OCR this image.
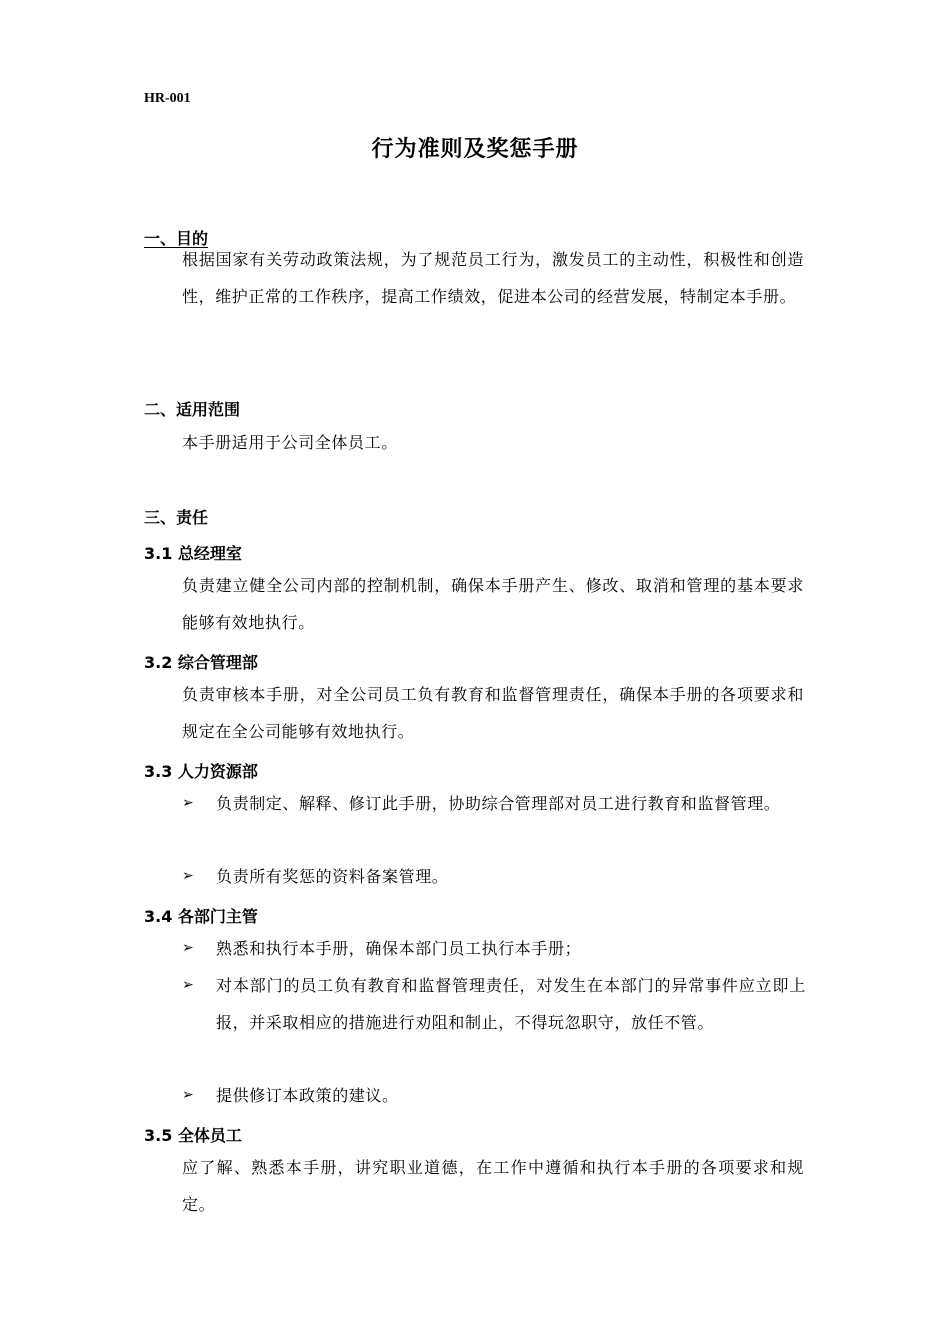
HR-001
行为准则及奖惩手册
一、目的

根据国家有关劳动政策法规，为了规范员工行为，激发员工的主动性，积极性和创造性，维护正常的工作秩序，提高工作绩效，促进本公司的经营发展，特制定本手册。

二、适用范围

本手册适用于公司全体员工。

三、责任
3.1 总经理室

负责建立健全公司内部的控制机制，确保本手册产生、修改、取消和管理的基本要求能够有效地执行。

3.2 综合管理部

负责审核本手册，对全公司员工负有教育和监督管理责任，确保本手册的各项要求和规定在全公司能够有效地执行。

3.3 人力资源部
➢	负责制定、解释、修订此手册，协助综合管理部对员工进行教育和监督管理。
➢	负责所有奖惩的资料备案管理。
3.4 各部门主管
➢	熟悉和执行本手册，确保本部门员工执行本手册；
➢	对本部门的员工负有教育和监督管理责任，对发生在本部门的异常事件应立即上报，并采取相应的措施进行劝阻和制止，不得玩忽职守，放任不管。
➢	提供修订本政策的建议。
3.5 全体员工

应了解、熟悉本手册，讲究职业道德，在工作中遵循和执行本手册的各项要求和规定。
